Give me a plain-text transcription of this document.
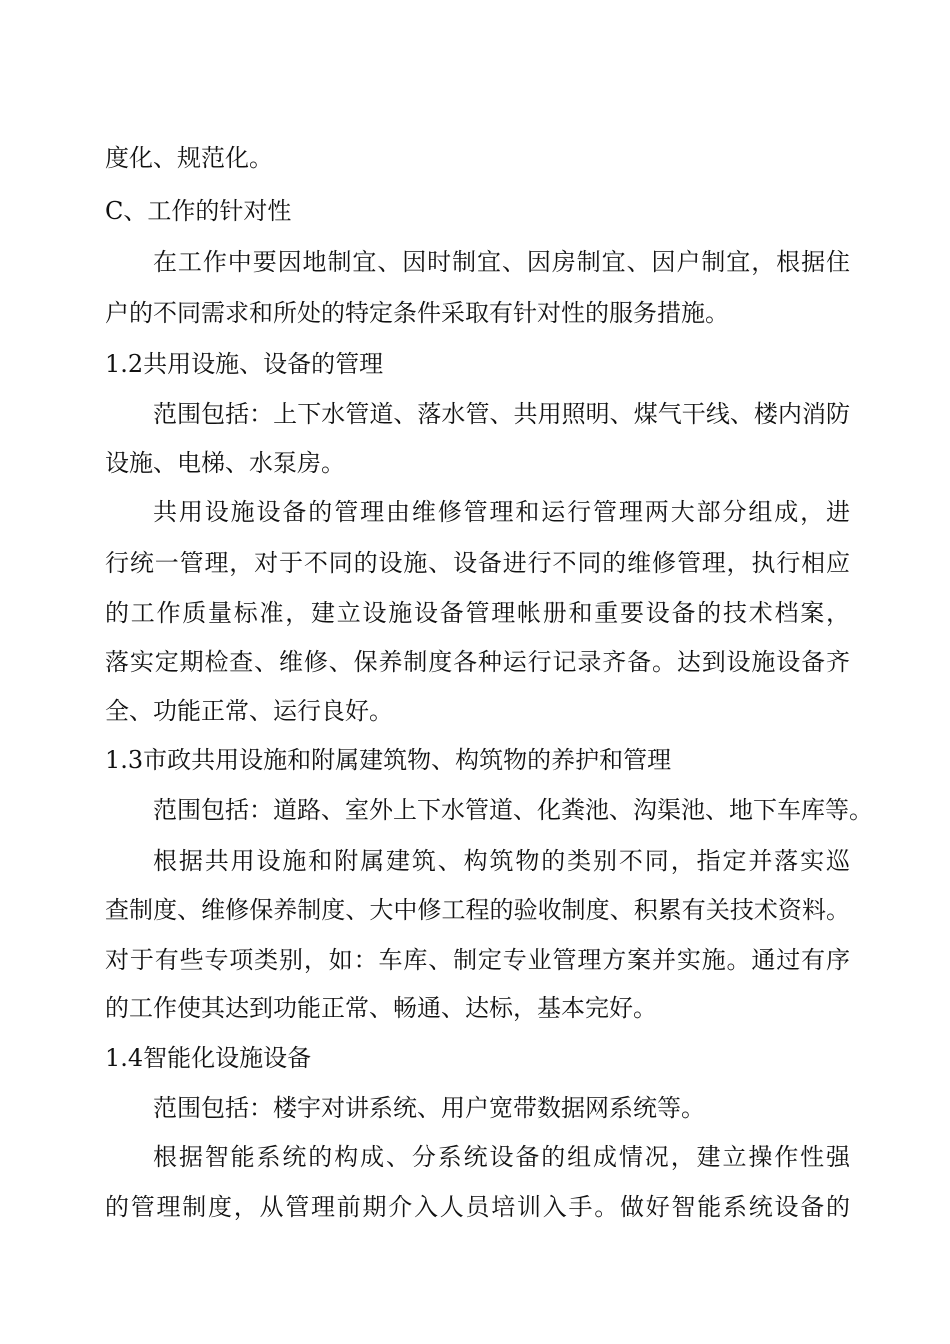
度化、规范化。
C、工作的针对性
在工作中要因地制宜、因时制宜、因房制宜、因户制宜，根据住
户的不同需求和所处的特定条件采取有针对性的服务措施。
1.2共用设施、设备的管理
范围包括：上下水管道、落水管、共用照明、煤气干线、楼内消防
设施、电梯、水泵房。
共用设施设备的管理由维修管理和运行管理两大部分组成，进
行统一管理，对于不同的设施、设备进行不同的维修管理，执行相应
的工作质量标准，建立设施设备管理帐册和重要设备的技术档案，
落实定期检查、维修、保养制度各种运行记录齐备。达到设施设备齐
全、功能正常、运行良好。
1.3市政共用设施和附属建筑物、构筑物的养护和管理
范围包括：道路、室外上下水管道、化粪池、沟渠池、地下车库等。
根据共用设施和附属建筑、构筑物的类别不同，指定并落实巡
查制度、维修保养制度、大中修工程的验收制度、积累有关技术资料。
对于有些专项类别，如：车库、制定专业管理方案并实施。通过有序
的工作使其达到功能正常、畅通、达标，基本完好。
1.4智能化设施设备
范围包括：楼宇对讲系统、用户宽带数据网系统等。
根据智能系统的构成、分系统设备的组成情况，建立操作性强
的管理制度，从管理前期介入人员培训入手。做好智能系统设备的
